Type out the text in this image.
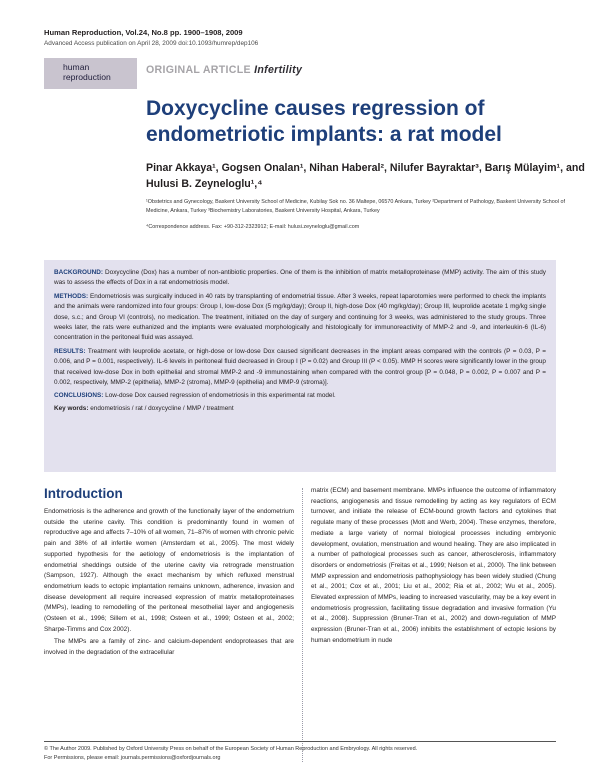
Human Reproduction, Vol.24, No.8 pp. 1900–1908, 2009
Advanced Access publication on April 28, 2009 doi:10.1093/humrep/dep106
human
reproduction
ORIGINAL ARTICLE Infertility
Doxycycline causes regression of endometriotic implants: a rat model
Pinar Akkaya¹, Gogsen Onalan¹, Nihan Haberal², Nilufer Bayraktar³, Barış Mülayim¹, and Hulusi B. Zeyneloglu¹,⁴
¹Obstetrics and Gynecology, Baskent University School of Medicine, Kubilay Sok no. 36 Maltepe, 06570 Ankara, Turkey ²Department of Pathology, Baskent University School of Medicine, Ankara, Turkey ³Biochemistry Laboratories, Baskent University Hospital, Ankara, Turkey
⁴Correspondence address. Fax: +90-312-2323912; E-mail: hulusi.zeyneloglu@gmail.com

BACKGROUND: Doxycycline (Dox) has a number of non-antibiotic properties. One of them is the inhibition of matrix metalloproteinase (MMP) activity. The aim of this study was to assess the effects of Dox in a rat endometriosis model.

METHODS: Endometriosis was surgically induced in 40 rats by transplanting of endometrial tissue. After 3 weeks, repeat laparotomies were performed to check the implants and the animals were randomized into four groups: Group I, low-dose Dox (5 mg/kg/day); Group II, high-dose Dox (40 mg/kg/day); Group III, leuprolide acetate 1 mg/kg single dose, s.c.; and Group VI (controls), no medication. The treatment, initiated on the day of surgery and continuing for 3 weeks, was administered to the study groups. Three weeks later, the rats were euthanized and the implants were evaluated morphologically and histologically for immunoreactivity of MMP-2 and -9, and interleukin-6 (IL-6) concentration in the peritoneal fluid was assayed.

RESULTS: Treatment with leuprolide acetate, or high-dose or low-dose Dox caused significant decreases in the implant areas compared with the controls (P = 0.03, P = 0.006, and P = 0.001, respectively). IL-6 levels in peritoneal fluid decreased in Group I (P = 0.02) and Group III (P < 0.05). MMP H scores were significantly lower in the group that received low-dose Dox in both epithelial and stromal MMP-2 and -9 immunostaining when compared with the control group [P = 0.048, P = 0.002, P = 0.007 and P = 0.002, respectively, MMP-2 (epithelia), MMP-2 (stroma), MMP-9 (epithelia) and MMP-9 (stroma)].

CONCLUSIONS: Low-dose Dox caused regression of endometriosis in this experimental rat model.

Key words: endometriosis / rat / doxycycline / MMP / treatment

Introduction

Endometriosis is the adherence and growth of the functionally layer of the endometrium outside the uterine cavity. This condition is predominantly found in women of reproductive age and affects 7–10% of all women, 71–87% of women with chronic pelvic pain and 38% of all infertile women (Amsterdam et al., 2005). The most widely supported hypothesis for the aetiology of endometriosis is the implantation of endometrial sheddings outside of the uterine cavity via retrograde menstruation (Sampson, 1927). Although the exact mechanism by which refluxed menstrual endometrium leads to ectopic implantation remains unknown, adherence, invasion and disease development all require increased expression of matrix metalloproteinases (MMPs), leading to remodelling of the peritoneal mesothelial layer and angiogenesis (Osteen et al., 1996; Sillem et al., 1998; Osteen et al., 1999; Osteen et al., 2002; Sharpe-Timms and Cox 2002).

The MMPs are a family of zinc- and calcium-dependent endoproteases that are involved in the degradation of the extracellular

matrix (ECM) and basement membrane. MMPs influence the outcome of inflammatory reactions, angiogenesis and tissue remodelling by acting as key regulators of ECM turnover, and initiate the release of ECM-bound growth factors and cytokines that regulate many of these processes (Mott and Werb, 2004). These enzymes, therefore, mediate a large variety of normal biological processes including embryonic development, ovulation, menstruation and wound healing. They are also implicated in a number of pathological processes such as cancer, atherosclerosis, inflammatory disorders or endometriosis (Freitas et al., 1999; Nelson et al., 2000). The link between MMP expression and endometriosis pathophysiology has been widely studied (Chung et al., 2001; Cox et al., 2001; Liu et al., 2002; Ria et al., 2002; Wu et al., 2005). Elevated expression of MMPs, leading to increased vascularity, may be a key event in endometriosis progression, facilitating tissue degradation and invasive formation (Yu et al., 2008). Suppression (Bruner-Tran et al., 2002) and down-regulation of MMP expression (Bruner-Tran et al., 2006) inhibits the establishment of ectopic lesions by human endometrium in nude

© The Author 2009. Published by Oxford University Press on behalf of the European Society of Human Reproduction and Embryology. All rights reserved.
For Permissions, please email: journals.permissions@oxfordjournals.org
